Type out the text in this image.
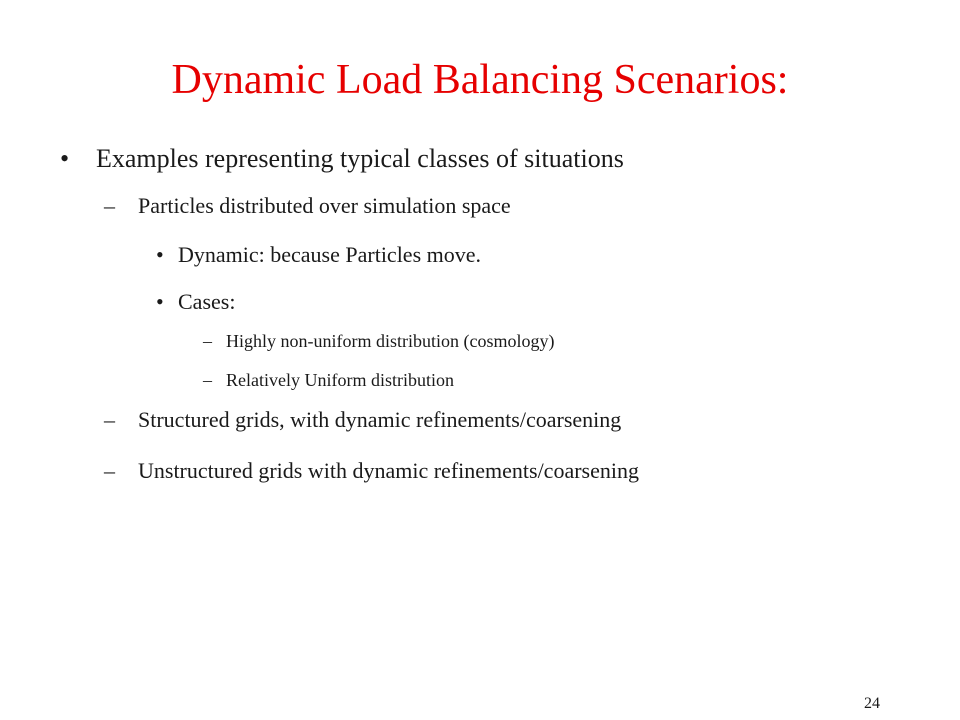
Dynamic Load Balancing Scenarios:
• Examples representing typical classes of situations
– Particles distributed over simulation space
• Dynamic: because Particles move.
• Cases:
– Highly non-uniform distribution (cosmology)
– Relatively Uniform distribution
– Structured grids, with dynamic refinements/coarsening
– Unstructured grids with dynamic refinements/coarsening
24
